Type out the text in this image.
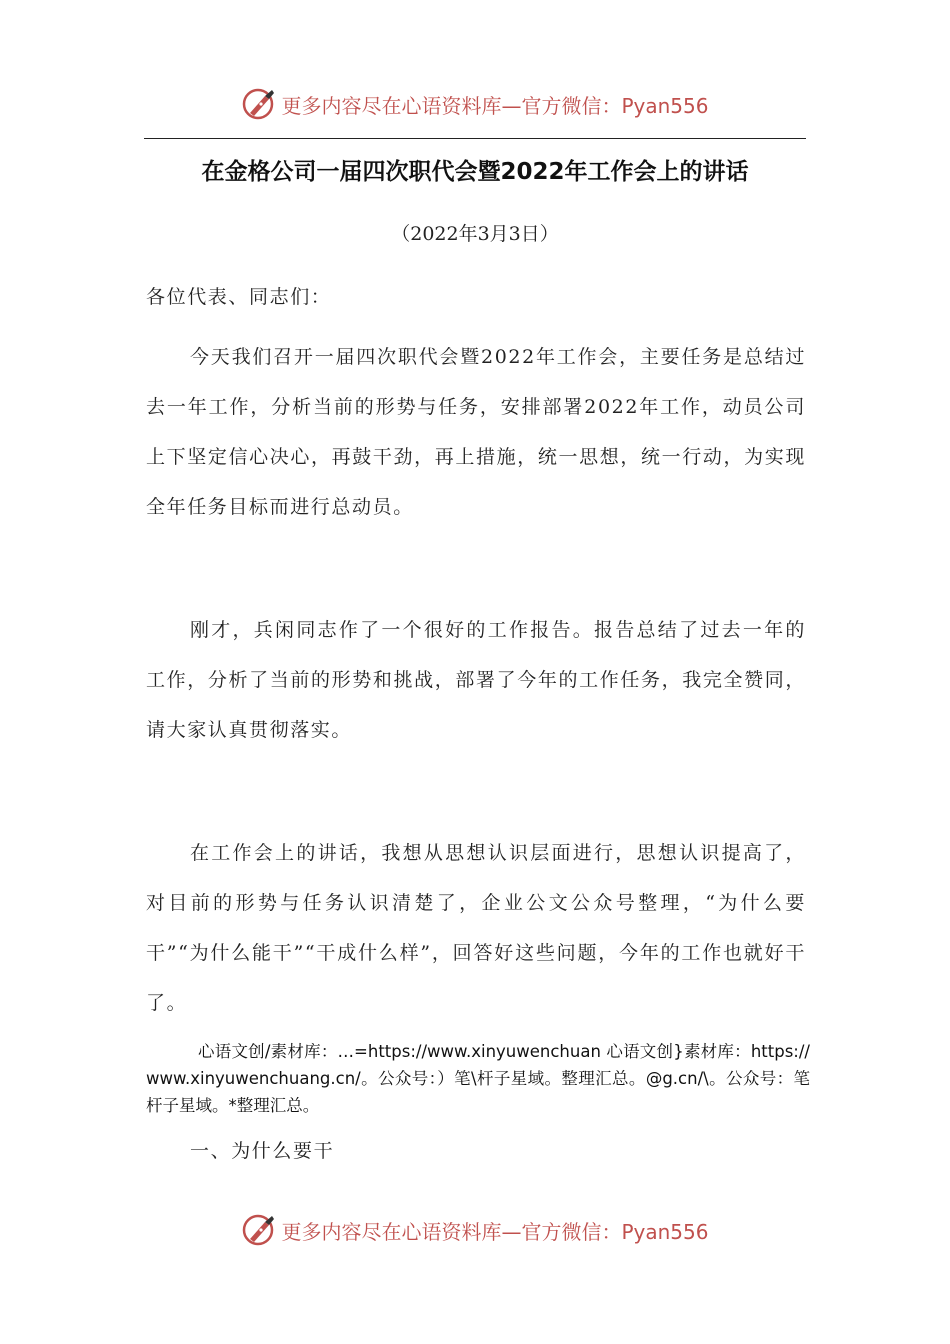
更多内容尽在心语资料库—官方微信：Pyan556
在金格公司一届四次职代会暨2022年工作会上的讲话
（2022年3月3日）

各位代表、同志们：

今天我们召开一届四次职代会暨2022年工作会，主要任务是总结过去一年工作，分析当前的形势与任务，安排部署2022年工作，动员公司上下坚定信心决心，再鼓干劲，再上措施，统一思想，统一行动，为实现全年任务目标而进行总动员。

刚才，兵闲同志作了一个很好的工作报告。报告总结了过去一年的工作，分析了当前的形势和挑战，部署了今年的工作任务，我完全赞同，请大家认真贯彻落实。

在工作会上的讲话，我想从思想认识层面进行，思想认识提高了，对目前的形势与任务认识清楚了，企业公文公众号整理，“为什么要干”“为什么能干”“干成什么样”，回答好这些问题，今年的工作也就好干了。

心语文创/素材库：…=https://www.xinyuwenchuan 心语文创}素材库：https://www.xinyuwenchuang.cn/。公众号：）笔\杆子星域。整理汇总。@g.cn/\。公众号：笔杆子星域。*整理汇总。

一、为什么要干

更多内容尽在心语资料库—官方微信：Pyan556
